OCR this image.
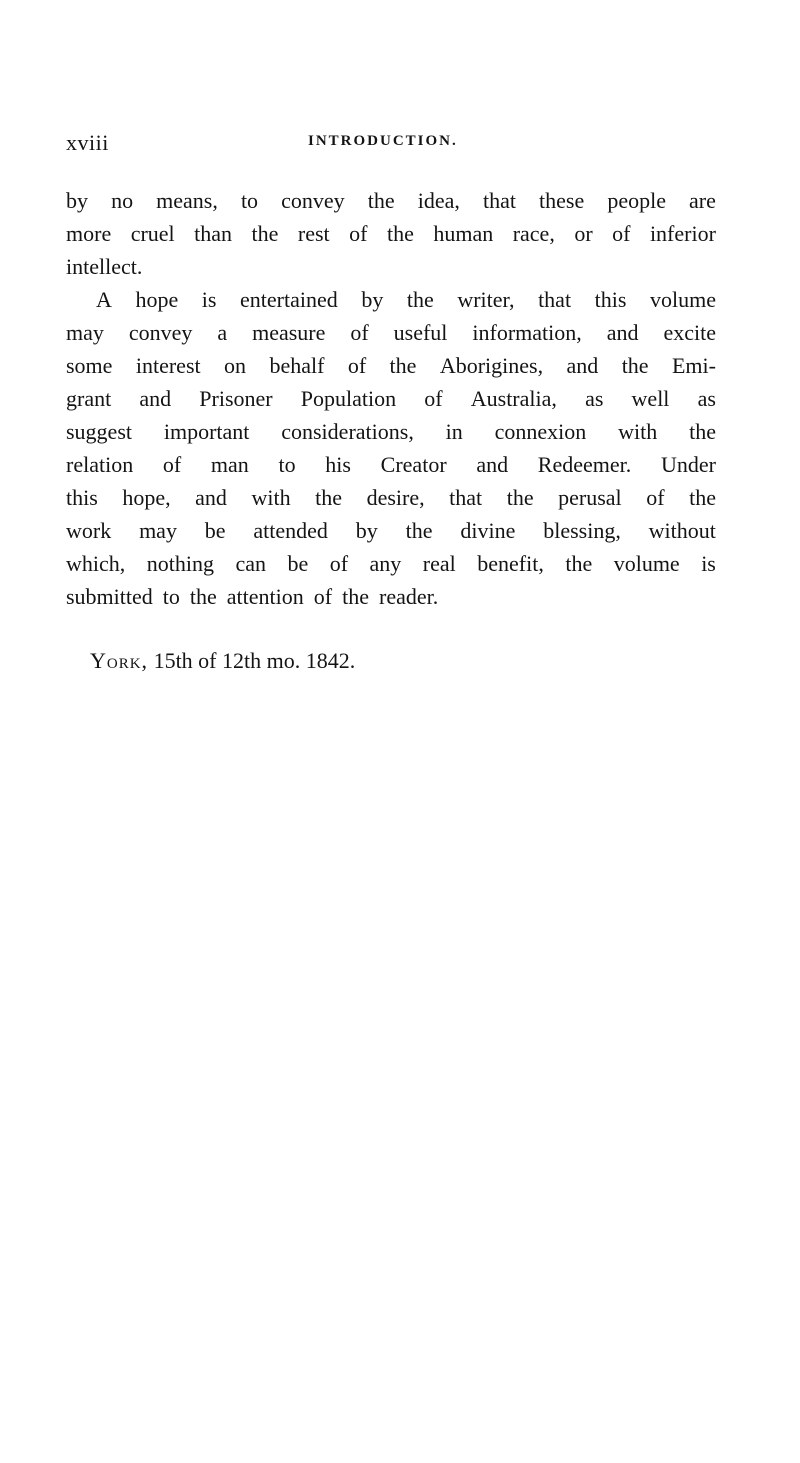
xviii	INTRODUCTION.
by no means, to convey the idea, that these people are
more cruel than the rest of the human race, or of inferior
intellect.
A hope is entertained by the writer, that this volume
may convey a measure of useful information, and excite
some interest on behalf of the Aborigines, and the Emi-
grant and Prisoner Population of Australia, as well as
suggest important considerations, in connexion with the
relation of man to his Creator and Redeemer. Under
this hope, and with the desire, that the perusal of the
work may be attended by the divine blessing, without
which, nothing can be of any real benefit, the volume is
submitted to the attention of the reader.
York, 15th of 12th mo. 1842.
